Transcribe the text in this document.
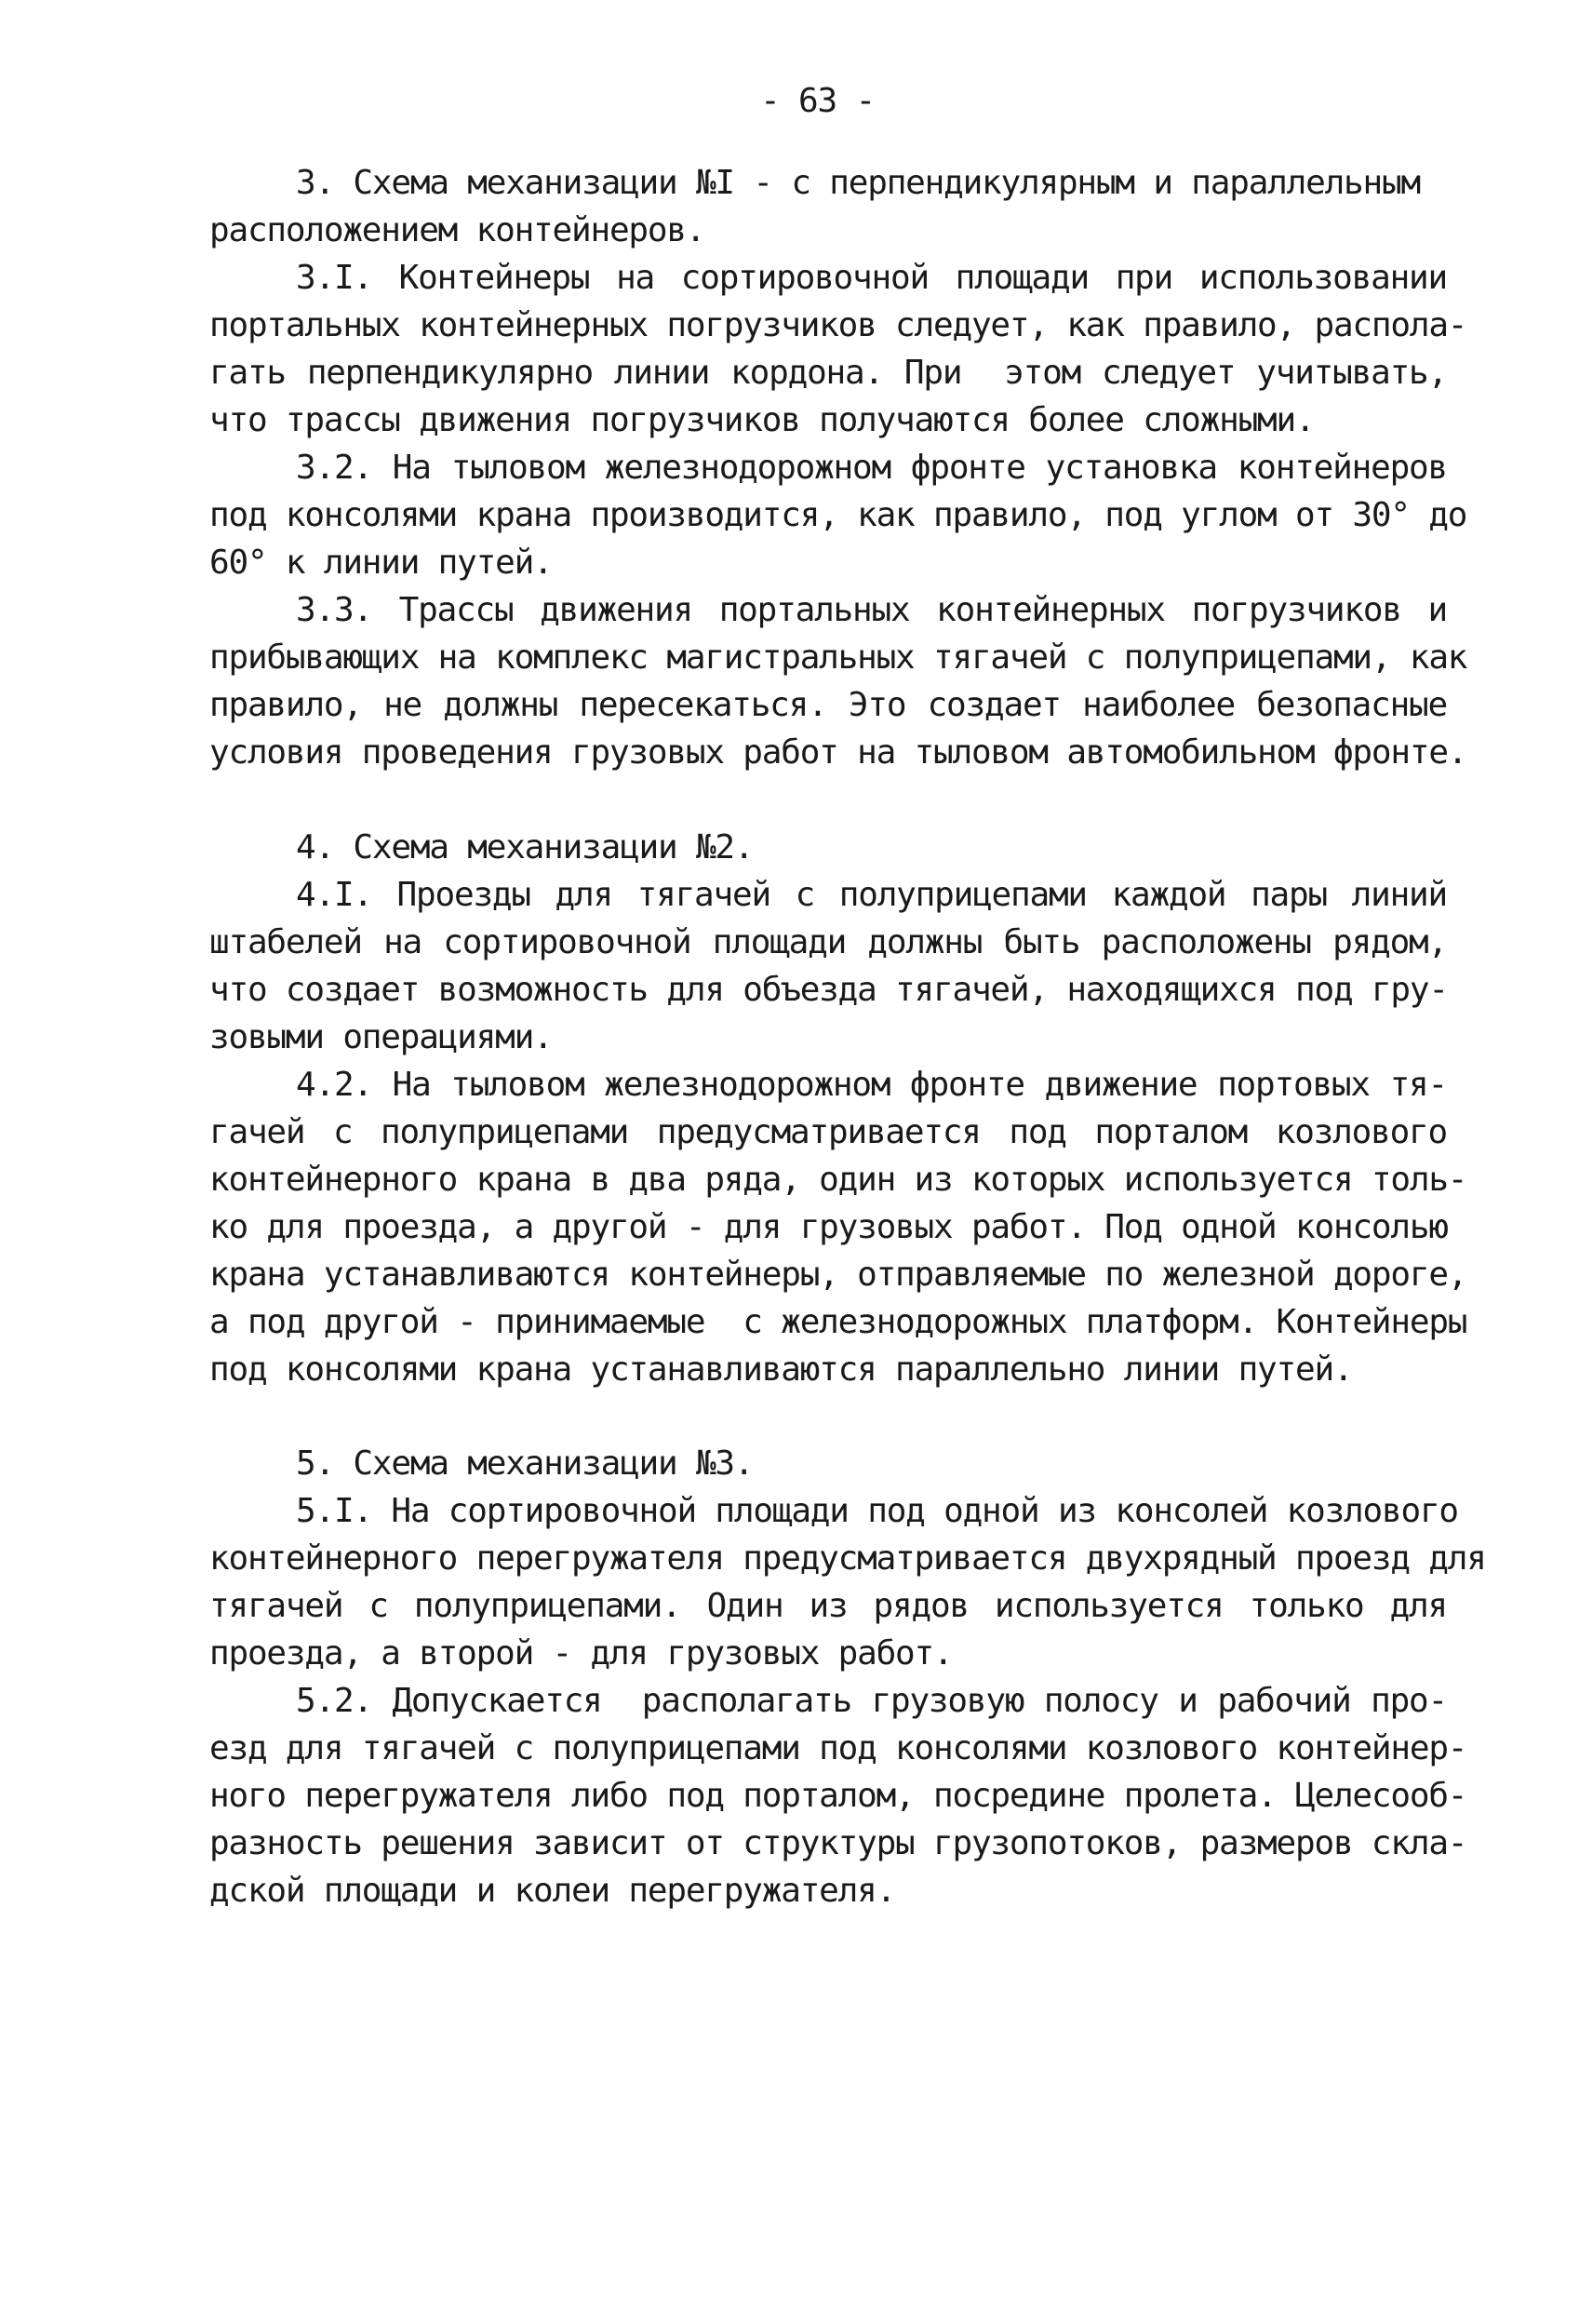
- 63 -
3. Схема механизации №I - с перпендикулярным и параллельным
расположением контейнеров.
3.I. Контейнеры на сортировочной площади при использовании
портальных контейнерных погрузчиков следует, как правило, распола-
гать перпендикулярно линии кордона. При  этом следует учитывать,
что трассы движения погрузчиков получаются более сложными.
3.2. На тыловом железнодорожном фронте установка контейнеров
под консолями крана производится, как правило, под углом от 30° до
60° к линии путей.
3.3. Трассы движения портальных контейнерных погрузчиков и
прибывающих на комплекс магистральных тягачей с полуприцепами, как
правило, не должны пересекаться. Это создает наиболее безопасные
условия проведения грузовых работ на тыловом автомобильном фронте.
4. Схема механизации №2.
4.I. Проезды для тягачей с полуприцепами каждой пары линий
штабелей на сортировочной площади должны быть расположены рядом,
что создает возможность для объезда тягачей, находящихся под гру-
зовыми операциями.
4.2. На тыловом железнодорожном фронте движение портовых тя-
гачей с полуприцепами предусматривается под порталом козлового
контейнерного крана в два ряда, один из которых используется толь-
ко для проезда, а другой - для грузовых работ. Под одной консолью
крана устанавливаются контейнеры, отправляемые по железной дороге,
а под другой - принимаемые  с железнодорожных платформ. Контейнеры
под консолями крана устанавливаются параллельно линии путей.
5. Схема механизации №3.
5.I. На сортировочной площади под одной из консолей козлового
контейнерного перегружателя предусматривается двухрядный проезд для
тягачей с полуприцепами. Один из рядов используется только для
проезда, а второй - для грузовых работ.
5.2. Допускается  располагать грузовую полосу и рабочий про-
езд для тягачей с полуприцепами под консолями козлового контейнер-
ного перегружателя либо под порталом, посредине пролета. Целесооб-
разность решения зависит от структуры грузопотоков, размеров скла-
дской площади и колеи перегружателя.
